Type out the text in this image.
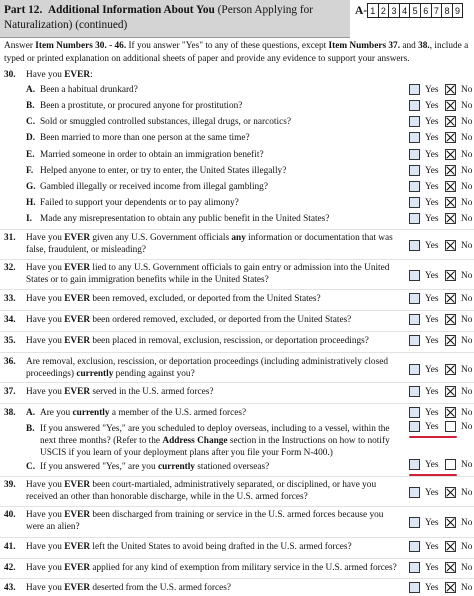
Part 12. Additional Information About You (Person Applying for Naturalization) (continued)
A- 1 2 3 4 5 6 7 8 9
Answer Item Numbers 30. - 46. If you answer "Yes" to any of these questions, except Item Numbers 37. and 38., include a typed or printed explanation on additional sheets of paper and provide any evidence to support your answers.
30. Have you EVER:
A. Been a habitual drunkard?	Yes No
B. Been a prostitute, or procured anyone for prostitution?	Yes No
C. Sold or smuggled controlled substances, illegal drugs, or narcotics?	Yes No
D. Been married to more than one person at the same time?	Yes No
E. Married someone in order to obtain an immigration benefit?	Yes No
F. Helped anyone to enter, or try to enter, the United States illegally?	Yes No
G. Gambled illegally or received income from illegal gambling?	Yes No
H. Failed to support your dependents or to pay alimony?	Yes No
I. Made any misrepresentation to obtain any public benefit in the United States?	Yes No
31. Have you EVER given any U.S. Government officials any information or documentation that was false, fraudulent, or misleading?	Yes No
32. Have you EVER lied to any U.S. Government officials to gain entry or admission into the United States or to gain immigration benefits while in the United States?	Yes No
33. Have you EVER been removed, excluded, or deported from the United States?	Yes No
34. Have you EVER been ordered removed, excluded, or deported from the United States?	Yes No
35. Have you EVER been placed in removal, exclusion, rescission, or deportation proceedings?	Yes No
36. Are removal, exclusion, rescission, or deportation proceedings (including administratively closed proceedings) currently pending against you?	Yes No
37. Have you EVER served in the U.S. armed forces?	Yes No
38. A. Are you currently a member of the U.S. armed forces?	Yes No
B. If you answered "Yes," are you scheduled to deploy overseas, including to a vessel, within the next three months? (Refer to the Address Change section in the Instructions on how to notify USCIS if you learn of your deployment plans after you file your Form N-400.)
Yes No
C. If you answered "Yes," are you currently stationed overseas?	Yes No
39. Have you EVER been court-martialed, administratively separated, or disciplined, or have you received an other than honorable discharge, while in the U.S. armed forces?	Yes No
40. Have you EVER been discharged from training or service in the U.S. armed forces because you were an alien?	Yes No
41. Have you EVER left the United States to avoid being drafted in the U.S. armed forces?	Yes No
42. Have you EVER applied for any kind of exemption from military service in the U.S. armed forces?	Yes No
43. Have you EVER deserted from the U.S. armed forces?	Yes No
